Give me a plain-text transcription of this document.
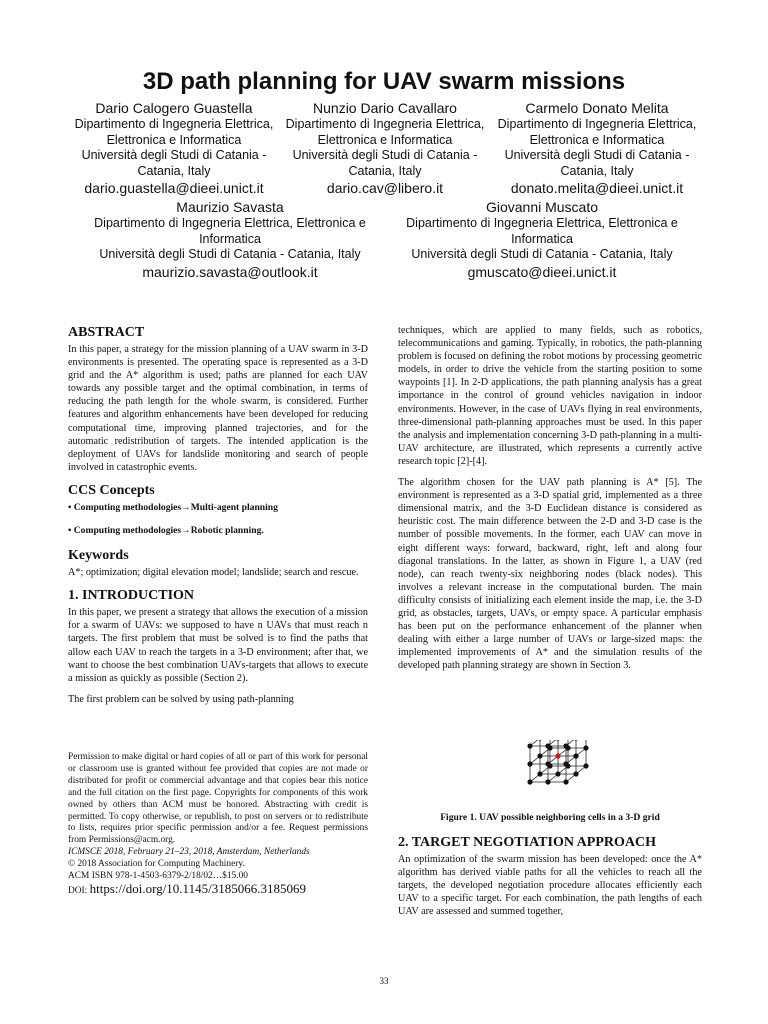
3D path planning for UAV swarm missions
Dario Calogero Guastella
Dipartimento di Ingegneria Elettrica, Elettronica e Informatica
Università degli Studi di Catania - Catania, Italy
dario.guastella@dieei.unict.it
Nunzio Dario Cavallaro
Dipartimento di Ingegneria Elettrica, Elettronica e Informatica
Università degli Studi di Catania - Catania, Italy
dario.cav@libero.it
Carmelo Donato Melita
Dipartimento di Ingegneria Elettrica, Elettronica e Informatica
Università degli Studi di Catania - Catania, Italy
donato.melita@dieei.unict.it
Maurizio Savasta
Dipartimento di Ingegneria Elettrica, Elettronica e Informatica
Università degli Studi di Catania - Catania, Italy
maurizio.savasta@outlook.it
Giovanni Muscato
Dipartimento di Ingegneria Elettrica, Elettronica e Informatica
Università degli Studi di Catania - Catania, Italy
gmuscato@dieei.unict.it
ABSTRACT

In this paper, a strategy for the mission planning of a UAV swarm in 3-D environments is presented. The operating space is represented as a 3-D grid and the A* algorithm is used; paths are planned for each UAV towards any possible target and the optimal combination, in terms of reducing the path length for the whole swarm, is considered. Further features and algorithm enhancements have been developed for reducing computational time, improving planned trajectories, and for the automatic redistribution of targets. The intended application is the deployment of UAVs for landslide monitoring and search of people involved in catastrophic events.

CCS Concepts
• Computing methodologies→Multi-agent planning
• Computing methodologies→Robotic planning.
Keywords

A*; optimization; digital elevation model; landslide; search and rescue.

1. INTRODUCTION

In this paper, we present a strategy that allows the execution of a mission for a swarm of UAVs: we supposed to have n UAVs that must reach n targets. The first problem that must be solved is to find the paths that allow each UAV to reach the targets in a 3-D environment; after that, we want to choose the best combination UAVs-targets that allows to execute a mission as quickly as possible (Section 2).

The first problem can be solved by using path-planning

Permission to make digital or hard copies of all or part of this work for personal or classroom use is granted without fee provided that copies are not made or distributed for profit or commercial advantage and that copies bear this notice and the full citation on the first page. Copyrights for components of this work owned by others than ACM must be honored. Abstracting with credit is permitted. To copy otherwise, or republish, to post on servers or to redistribute to lists, requires prior specific permission and/or a fee. Request permissions from Permissions@acm.org.
ICMSCE 2018, February 21–23, 2018, Amsterdam, Netherlands
© 2018 Association for Computing Machinery.
ACM ISBN 978-1-4503-6379-2/18/02…$15.00
DOI: https://doi.org/10.1145/3185066.3185069

techniques, which are applied to many fields, such as robotics, telecommunications and gaming. Typically, in robotics, the path-planning problem is focused on defining the robot motions by processing geometric models, in order to drive the vehicle from the starting position to some waypoints [1]. In 2-D applications, the path planning analysis has a great importance in the control of ground vehicles navigation in indoor environments. However, in the case of UAVs flying in real environments, three-dimensional path-planning approaches must be used. In this paper the analysis and implementation concerning 3-D path-planning in a multi-UAV architecture, are illustrated, which represents a currently active research topic [2]-[4].

The algorithm chosen for the UAV path planning is A* [5]. The environment is represented as a 3-D spatial grid, implemented as a three dimensional matrix, and the 3-D Euclidean distance is considered as heuristic cost. The main difference between the 2-D and 3-D case is the number of possible movements. In the former, each UAV can move in eight different ways: forward, backward, right, left and along four diagonal translations. In the latter, as shown in Figure 1, a UAV (red node), can reach twenty-six neighboring nodes (black nodes). This involves a relevant increase in the computational burden. The main difficulty consists of initializing each element inside the map, i.e. the 3-D grid, as obstacles, targets, UAVs, or empty space. A particular emphasis has been put on the performance enhancement of the planner when dealing with either a large number of UAVs or large-sized maps: the implemented improvements of A* and the simulation results of the developed path planning strategy are shown in Section 3.

Figure 1. UAV possible neighboring cells in a 3-D grid
2. TARGET NEGOTIATION APPROACH

An optimization of the swarm mission has been developed: once the A* algorithm has derived viable paths for all the vehicles to reach all the targets, the developed negotiation procedure allocates efficiently each UAV to a specific target. For each combination, the path lengths of each UAV are assessed and summed together,

33
